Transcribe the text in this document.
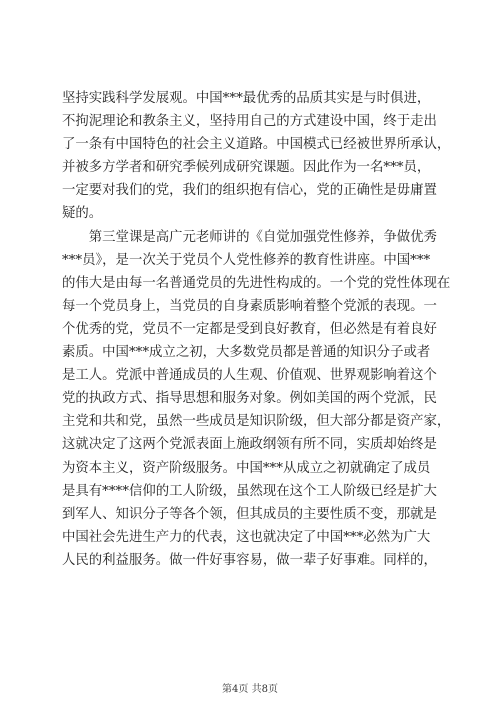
坚持实践科学发展观。中国***最优秀的品质其实是与时俱进，
不拘泥理论和教条主义，坚持用自己的方式建设中国，终于走出
了一条有中国特色的社会主义道路。中国模式已经被世界所承认，
并被多方学者和研究季候列成研究课题。因此作为一名***员，
一定要对我们的党，我们的组织抱有信心，党的正确性是毋庸置
疑的。
　　第三堂课是高广元老师讲的《自觉加强党性修养，争做优秀
***员》，是一次关于党员个人党性修养的教育性讲座。中国***
的伟大是由每一名普通党员的先进性构成的。一个党的党性体现在
每一个党员身上，当党员的自身素质影响着整个党派的表现。一
个优秀的党，党员不一定都是受到良好教育，但必然是有着良好
素质。中国***成立之初，大多数党员都是普通的知识分子或者
是工人。党派中普通成员的人生观、价值观、世界观影响着这个
党的执政方式、指导思想和服务对象。例如美国的两个党派，民
主党和共和党，虽然一些成员是知识阶级，但大部分都是资产家，
这就决定了这两个党派表面上施政纲领有所不同，实质却始终是
为资本主义，资产阶级服务。中国***从成立之初就确定了成员
是具有****信仰的工人阶级，虽然现在这个工人阶级已经是扩大
到军人、知识分子等各个领，但其成员的主要性质不变，那就是
中国社会先进生产力的代表，这也就决定了中国***必然为广大
人民的利益服务。做一件好事容易，做一辈子好事难。同样的，
第4页 共8页
